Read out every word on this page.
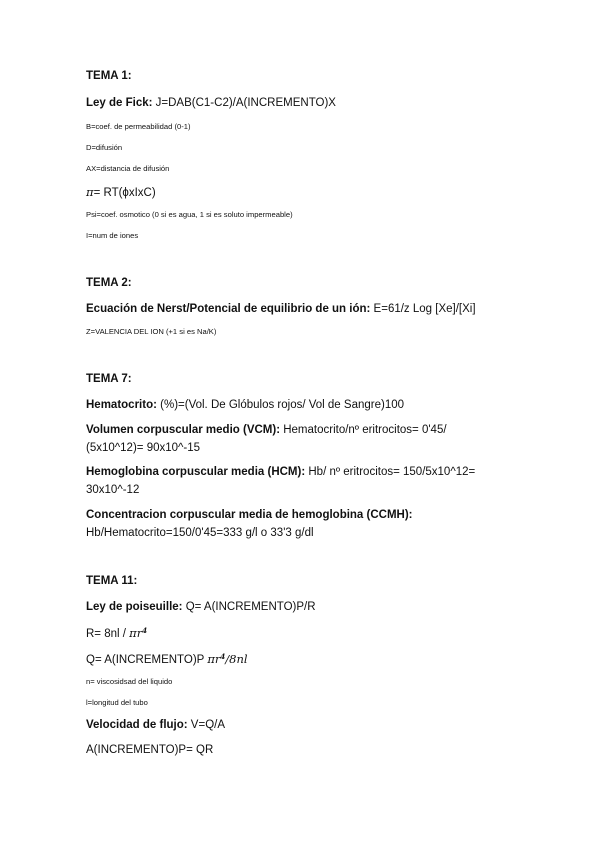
TEMA 1:
Ley de Fick: J=DAB(C1-C2)/A(INCREMENTO)X
B=coef. de permeabilidad (0-1)
D=difusión
AX=distancia de difusión
π= RT(ϕxIxC)
Psi=coef. osmotico (0 si es agua, 1 si es soluto impermeable)
I=num de iones
TEMA 2:
Ecuación de Nerst/Potencial de equilibrio de un ión: E=61/z Log [Xe]/[Xi]
Z=VALENCIA DEL ION (+1 si es Na/K)
TEMA 7:
Hematocrito: (%)=(Vol. De Glóbulos rojos/ Vol de Sangre)100
Volumen corpuscular medio (VCM): Hematocrito/nº eritrocitos= 0'45/
(5x10^12)= 90x10^-15
Hemoglobina corpuscular media (HCM): Hb/ nº eritrocitos= 150/5x10^12=
30x10^-12
Concentracion corpuscular media de hemoglobina (CCMH):
Hb/Hematocrito=150/0'45=333 g/l o 33'3 g/dl
TEMA 11:
Ley de poiseuille: Q= A(INCREMENTO)P/R
$R= 8nl / \pi r^4$
Q= A(INCREMENTO)P $\pi r^4/8nl$
n= viscosidsad del liquido
l=longitud del tubo
Velocidad de flujo: V=Q/A
A(INCREMENTO)P= QR
